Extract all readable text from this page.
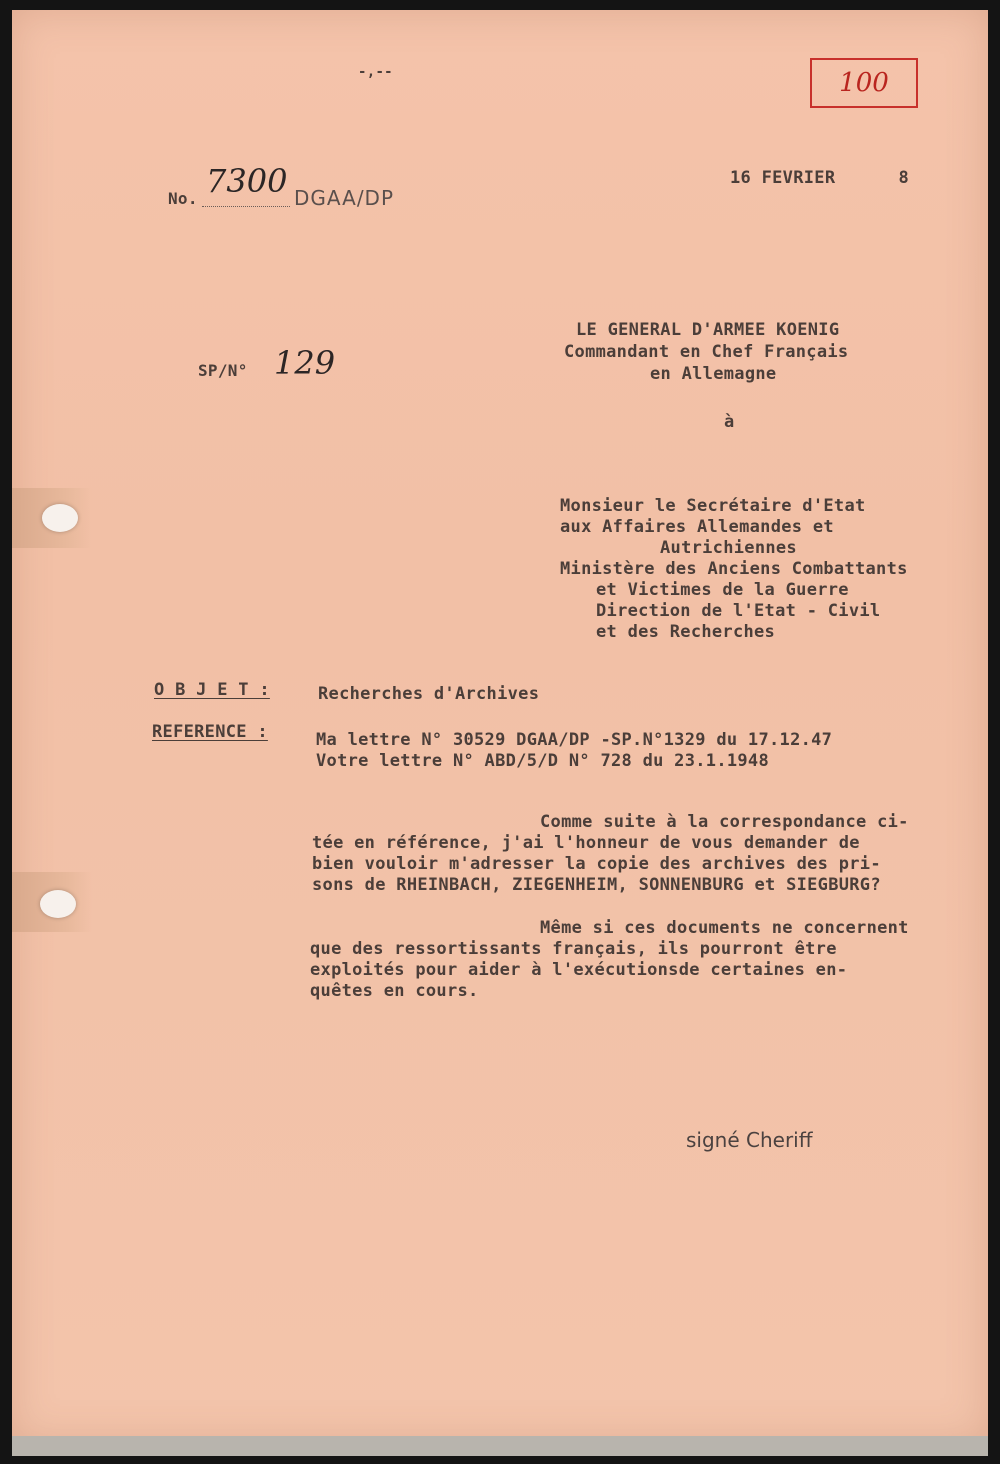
-,--	100
No. 7300 DGAA/DP
16 FEVRIER      8
SP/N° 129
LE GENERAL D'ARMEE KOENIG
Commandant en Chef Français
en Allemagne
à
Monsieur le Secrétaire d'Etat
aux Affaires Allemandes et
Autrichiennes
Ministère des Anciens Combattants
et Victimes de la Guerre
Direction de l'Etat - Civil
et des Recherches
O B J E T :	Recherches d'Archives
REFERENCE :	Ma lettre N° 30529 DGAA/DP -SP.N°1329 du 17.12.47
Votre lettre N° ABD/5/D N° 728 du 23.1.1948
Comme suite à la correspondance ci-
tée en référence, j'ai l'honneur de vous demander de
bien vouloir m'adresser la copie des archives des pri-
sons de RHEINBACH, ZIEGENHEIM, SONNENBURG et SIEGBURG?
Même si ces documents ne concernent
que des ressortissants français, ils pourront être
exploités pour aider à l'exécutionsde certaines en-
quêtes en cours.
signé Cheriff
